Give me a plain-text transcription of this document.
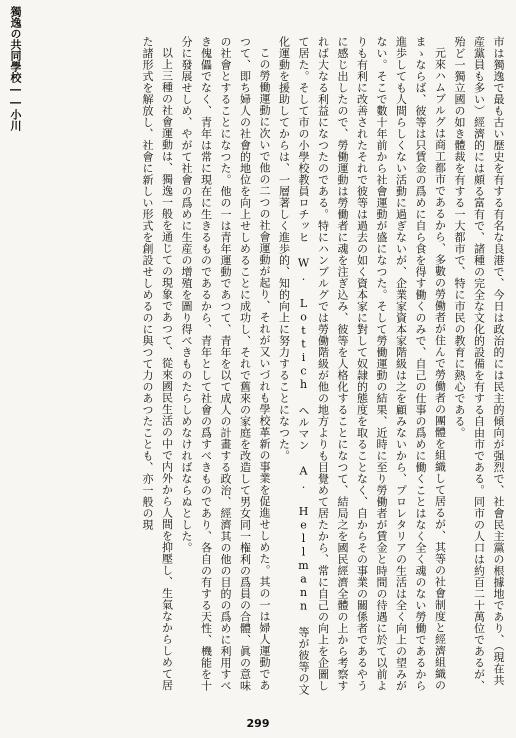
獨逸の共同學校――小川	市は獨逸で最も古い歴史を有する有名な良港で、今日は政治的には民主的傾向が强烈で、社會民主黨の根據地であり、（現在共産黨員も多い）經濟的には頗る富有で、諸種の完全な文化的設備を有する自由市である。同市の人口は約百二十萬位であるが、殆ど一獨立國の如き體裁を有する一大都市で、特に市民の教育に熱心である。

元來ハムブルグは商工都市であるから、多數の勞働者が住んで勞働者の團體を組織して居るが、其等の社會制度と經濟組織のまゝならば、彼等は只賃金の爲めに自ら食を得す働くのみで、自己の仕事の爲めに働くことはなく全く魂のない勞働であるから進歩しても人間らしくない活動に過ぎないが、企業家資本家階級は之を顧みないから、プロレタリアの生活は全く向上の望みがない。そこで數十年前から社會運動が盛になつた。そして勞働運動の結果、近時に至り勞働者が賃金と時間の待遇に於て以前よりも有利に改善されたそれで彼等は過去の如く資本家に對して奴隷的態度を取ることなく、自からその事業の關係者であるやうに感じ出したので、勞働運動は勞働者に魂を注ぎ込み、彼等を人格化することになつて、結局之を國民經濟全體の上から考察すれば大なる利益になつたのである。特にハンブルグでは勞働階級が他の地方よりも目覺めて居たから、常に自己の向上を企圖して居た。そして市の小學校教員ロチッヒ W. Lottich ヘルマン A. Hellmann 等が彼等の文化運動を援助してからは、一層著しく進歩的、知的向上に努力することになつた。

この勞働運動に次いで他の二つの社會運動が起り、それが又いづれも學校革新の事業を促進せしめた。其の一は婦人運動であつて、即ち婦人の社會的地位を向上せしめることに成功し、それで舊來の家庭を改造して男女同一権利の爲員の合體、眞の意味の社會とすることになつた。他の一は青年運動であつて、青年を以て成人の計畫する政治、經濟其の他の目的の爲めに利用すべき傀儡でなく、青年は常に現在に生きるものであるから、青年として社會の爲すべきものであり、各自の有する天性、機能を十分に發展せしめ、やがて社會の爲めに生産の增殖を圖り得べきものたらしめなければならぬとした。

以上三種の社會運動は、獨逸一般を通じての現象であつて、從來國民生活の中で内外から人間を抑壓し、生氣なからしめて居た諸形式を解放し、社會に新しい形式を創設せしめるのに與つて力のあつたことも、亦一般の現

299
